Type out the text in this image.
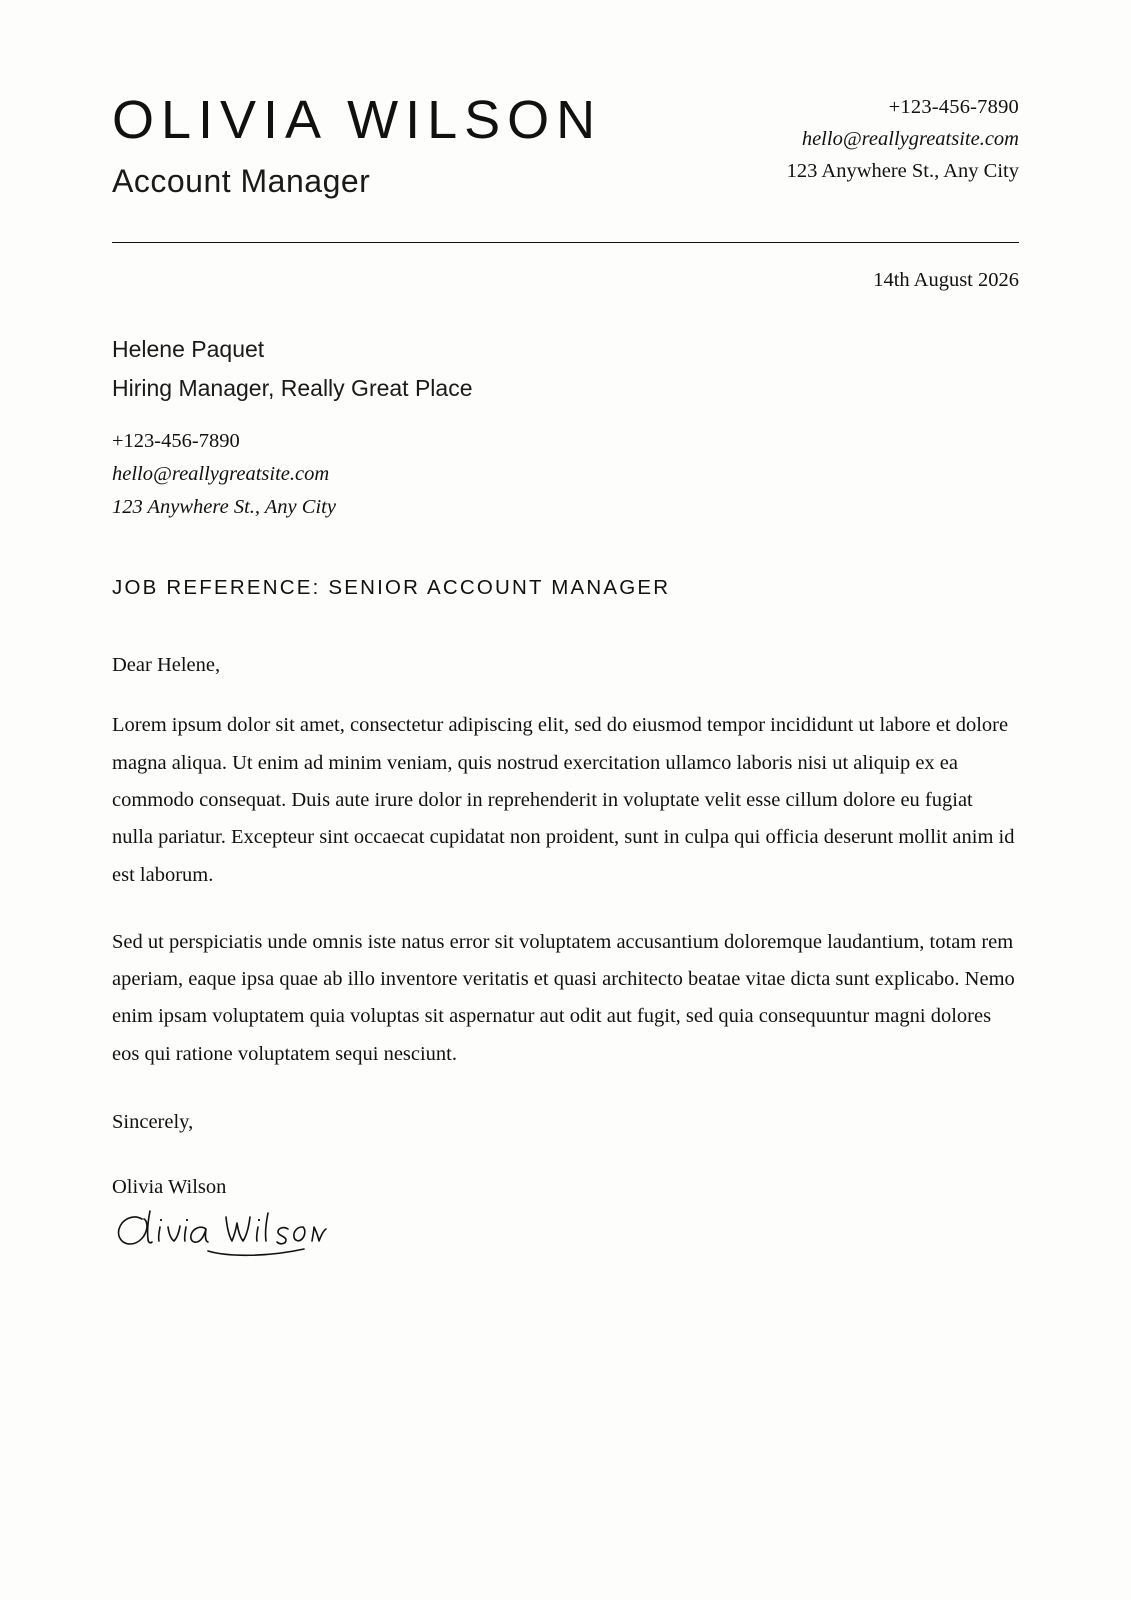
OLIVIA WILSON
Account Manager
+123-456-7890
hello@reallygreatsite.com
123 Anywhere St., Any City
14th August 2026
Helene Paquet
Hiring Manager, Really Great Place
+123-456-7890
hello@reallygreatsite.com
123 Anywhere St., Any City
JOB REFERENCE: SENIOR ACCOUNT MANAGER
Dear Helene,
Lorem ipsum dolor sit amet, consectetur adipiscing elit, sed do eiusmod tempor incididunt ut labore et dolore magna aliqua. Ut enim ad minim veniam, quis nostrud exercitation ullamco laboris nisi ut aliquip ex ea commodo consequat. Duis aute irure dolor in reprehenderit in voluptate velit esse cillum dolore eu fugiat nulla pariatur. Excepteur sint occaecat cupidatat non proident, sunt in culpa qui officia deserunt mollit anim id est laborum.
Sed ut perspiciatis unde omnis iste natus error sit voluptatem accusantium doloremque laudantium, totam rem aperiam, eaque ipsa quae ab illo inventore veritatis et quasi architecto beatae vitae dicta sunt explicabo. Nemo enim ipsam voluptatem quia voluptas sit aspernatur aut odit aut fugit, sed quia consequuntur magni dolores eos qui ratione voluptatem sequi nesciunt.
Sincerely,
Olivia Wilson
